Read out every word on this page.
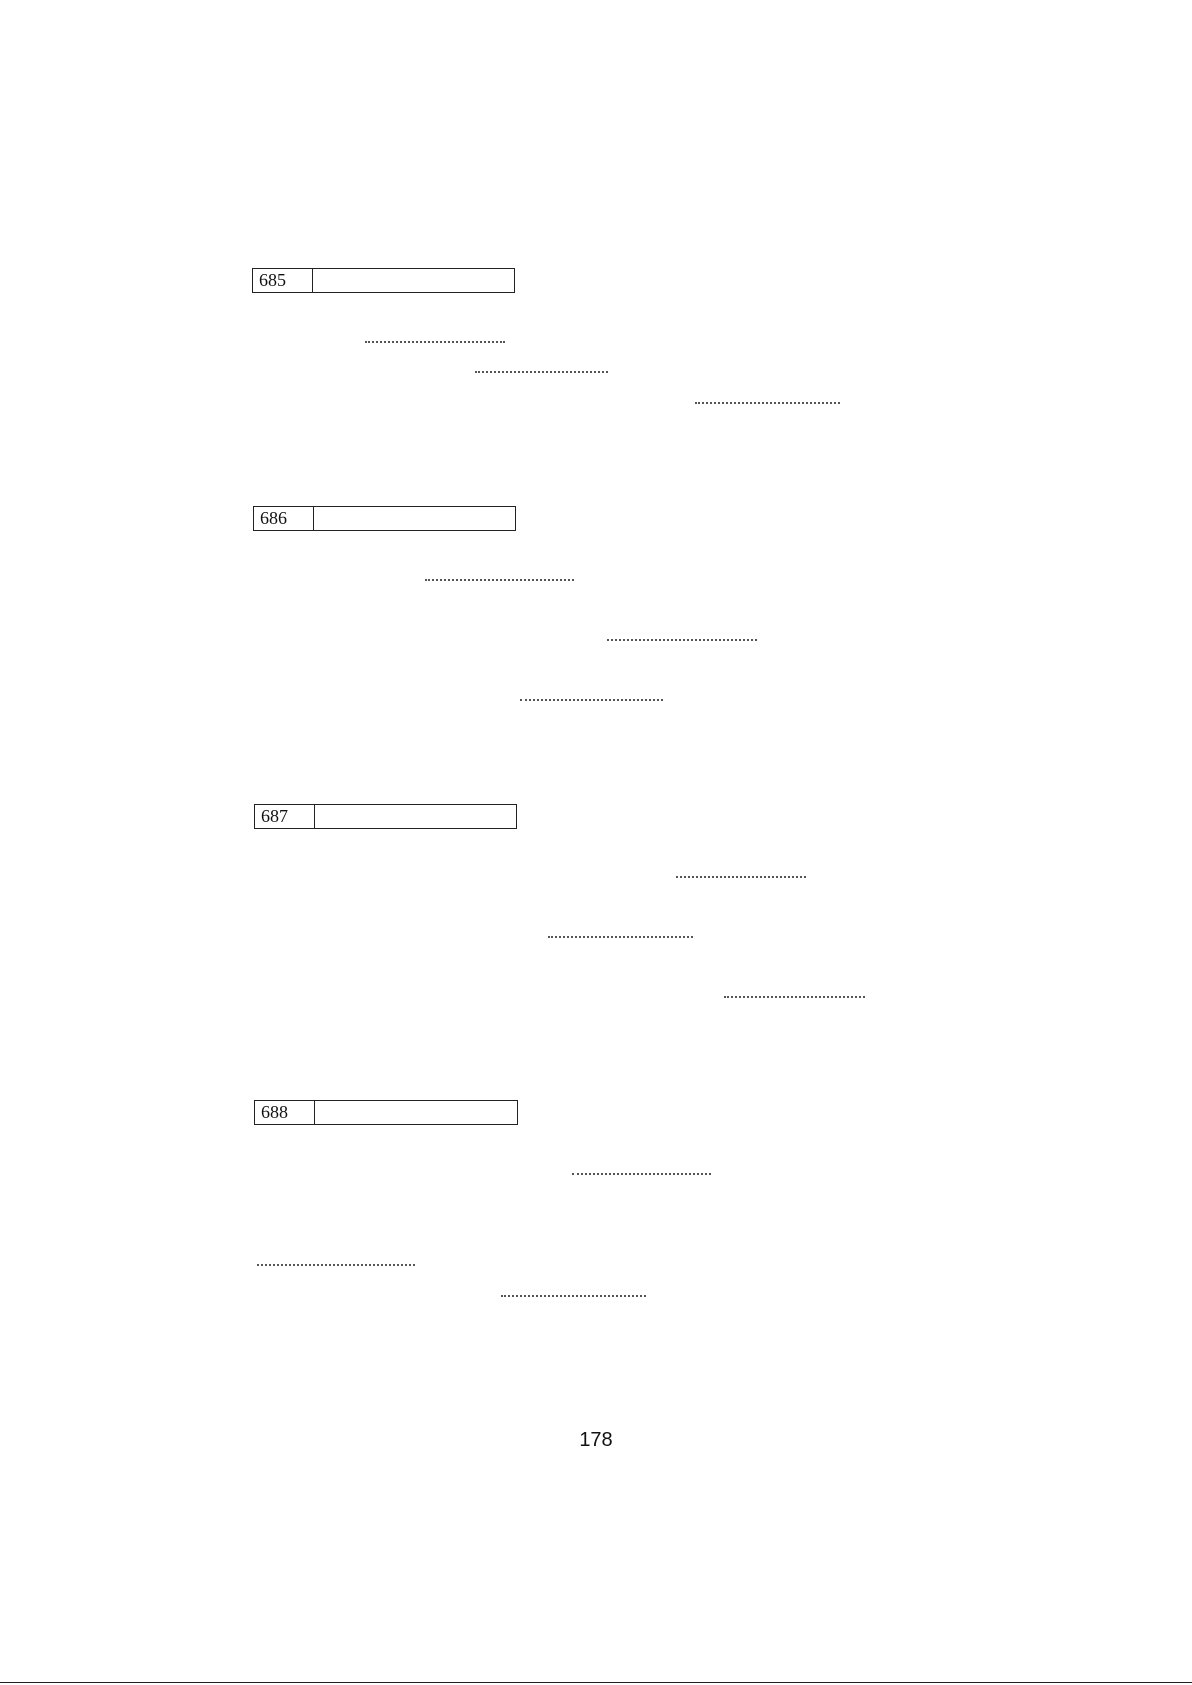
685
686
687
688
178
